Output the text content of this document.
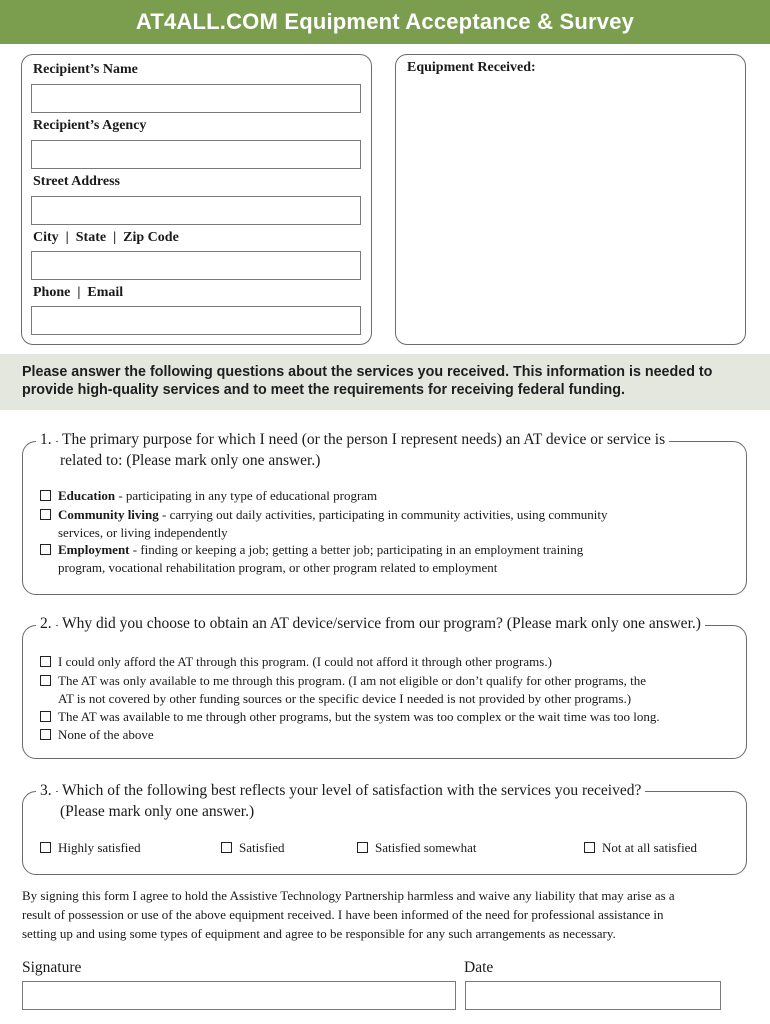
AT4ALL.COM Equipment Acceptance & Survey
Recipient’s Name
Recipient’s Agency
Street Address
City  |  State  |  Zip Code
Phone  |  Email
Equipment Received:

Please answer the following questions about the services you received. This information is needed to provide high-quality services and to meet the requirements for receiving federal funding.

1. The primary purpose for which I need (or the person I represent needs) an AT device or service is
related to: (Please mark only one answer.)
Education - participating in any type of educational program
Community living - carrying out daily activities, participating in community activities, using community
services, or living independently
Employment - finding or keeping a job; getting a better job; participating in an employment training
program, vocational rehabilitation program, or other program related to employment
2. Why did you choose to obtain an AT device/service from our program? (Please mark only one answer.)
I could only afford the AT through this program. (I could not afford it through other programs.)
The AT was only available to me through this program. (I am not eligible or don’t qualify for other programs, the
AT is not covered by other funding sources or the specific device I needed is not provided by other programs.)
The AT was available to me through other programs, but the system was too complex or the wait time was too long.
None of the above
3. Which of the following best reflects your level of satisfaction with the services you received?
(Please mark only one answer.)
Highly satisfied	Satisfied	Satisfied somewhat	Not at all satisfied
By signing this form I agree to hold the Assistive Technology Partnership harmless and waive any liability that may arise as a
result of possession or use of the above equipment received. I have been informed of the need for professional assistance in
setting up and using some types of equipment and agree to be responsible for any such arrangements as necessary.
Signature	Date
